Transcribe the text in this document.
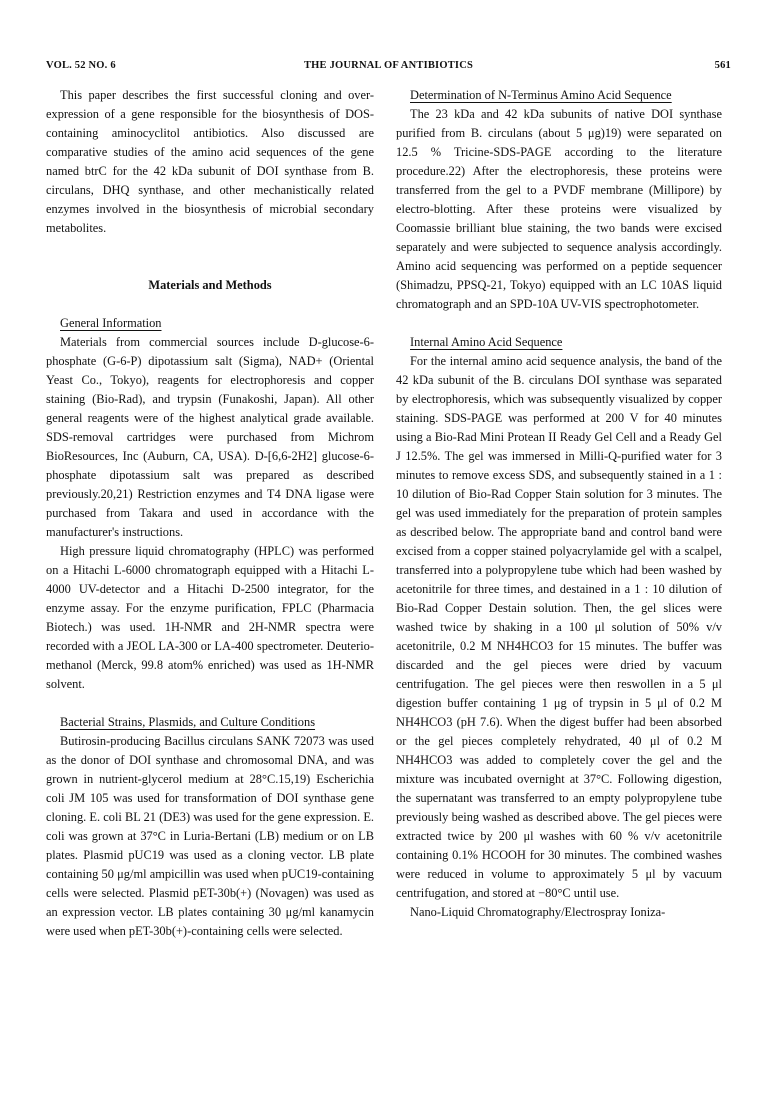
VOL. 52 NO. 6	THE JOURNAL OF ANTIBIOTICS	561

This paper describes the first successful cloning and over-expression of a gene responsible for the biosynthesis of DOS-containing aminocyclitol antibiotics. Also discussed are comparative studies of the amino acid sequences of the gene named btrC for the 42 kDa subunit of DOI synthase from B. circulans, DHQ synthase, and other mechanistically related enzymes involved in the biosynthesis of microbial secondary metabolites.

Materials and Methods

General Information

Materials from commercial sources include D-glucose-6-phosphate (G-6-P) dipotassium salt (Sigma), NAD+ (Oriental Yeast Co., Tokyo), reagents for electrophoresis and copper staining (Bio-Rad), and trypsin (Funakoshi, Japan). All other general reagents were of the highest analytical grade available. SDS-removal cartridges were purchased from Michrom BioResources, Inc (Auburn, CA, USA). D-[6,6-2H2] glucose-6-phosphate dipotassium salt was prepared as described previously.20,21) Restriction enzymes and T4 DNA ligase were purchased from Takara and used in accordance with the manufacturer's instructions.

High pressure liquid chromatography (HPLC) was performed on a Hitachi L-6000 chromatograph equipped with a Hitachi L-4000 UV-detector and a Hitachi D-2500 integrator, for the enzyme assay. For the enzyme purification, FPLC (Pharmacia Biotech.) was used. 1H-NMR and 2H-NMR spectra were recorded with a JEOL LA-300 or LA-400 spectrometer. Deuterio-methanol (Merck, 99.8 atom% enriched) was used as 1H-NMR solvent.

Bacterial Strains, Plasmids, and Culture Conditions

Butirosin-producing Bacillus circulans SANK 72073 was used as the donor of DOI synthase and chromosomal DNA, and was grown in nutrient-glycerol medium at 28°C.15,19) Escherichia coli JM 105 was used for transformation of DOI synthase gene cloning. E. coli BL 21 (DE3) was used for the gene expression. E. coli was grown at 37°C in Luria-Bertani (LB) medium or on LB plates. Plasmid pUC19 was used as a cloning vector. LB plate containing 50 μg/ml ampicillin was used when pUC19-containing cells were selected. Plasmid pET-30b(+) (Novagen) was used as an expression vector. LB plates containing 30 μg/ml kanamycin were used when pET-30b(+)-containing cells were selected.

Determination of N-Terminus Amino Acid Sequence

The 23 kDa and 42 kDa subunits of native DOI synthase purified from B. circulans (about 5 μg)19) were separated on 12.5 % Tricine-SDS-PAGE according to the literature procedure.22) After the electrophoresis, these proteins were transferred from the gel to a PVDF membrane (Millipore) by electro-blotting. After these proteins were visualized by Coomassie brilliant blue staining, the two bands were excised separately and were subjected to sequence analysis accordingly. Amino acid sequencing was performed on a peptide sequencer (Shimadzu, PPSQ-21, Tokyo) equipped with an LC 10AS liquid chromatograph and an SPD-10A UV-VIS spectrophotometer.

Internal Amino Acid Sequence

For the internal amino acid sequence analysis, the band of the 42 kDa subunit of the B. circulans DOI synthase was separated by electrophoresis, which was subsequently visualized by copper staining. SDS-PAGE was performed at 200 V for 40 minutes using a Bio-Rad Mini Protean II Ready Gel Cell and a Ready Gel J 12.5%. The gel was immersed in Milli-Q-purified water for 3 minutes to remove excess SDS, and subsequently stained in a 1 : 10 dilution of Bio-Rad Copper Stain solution for 3 minutes. The gel was used immediately for the preparation of protein samples as described below. The appropriate band and control band were excised from a copper stained polyacrylamide gel with a scalpel, transferred into a polypropylene tube which had been washed by acetonitrile for three times, and destained in a 1 : 10 dilution of Bio-Rad Copper Destain solution. Then, the gel slices were washed twice by shaking in a 100 μl solution of 50% v/v acetonitrile, 0.2 M NH4HCO3 for 15 minutes. The buffer was discarded and the gel pieces were dried by vacuum centrifugation. The gel pieces were then reswollen in a 5 μl digestion buffer containing 1 μg of trypsin in 5 μl of 0.2 M NH4HCO3 (pH 7.6). When the digest buffer had been absorbed or the gel pieces completely rehydrated, 40 μl of 0.2 M NH4HCO3 was added to completely cover the gel and the mixture was incubated overnight at 37°C. Following digestion, the supernatant was transferred to an empty polypropylene tube previously being washed as described above. The gel pieces were extracted twice by 200 μl washes with 60 % v/v acetonitrile containing 0.1% HCOOH for 30 minutes. The combined washes were reduced in volume to approximately 5 μl by vacuum centrifugation, and stored at −80°C until use.

Nano-Liquid Chromatography/Electrospray Ioniza-
